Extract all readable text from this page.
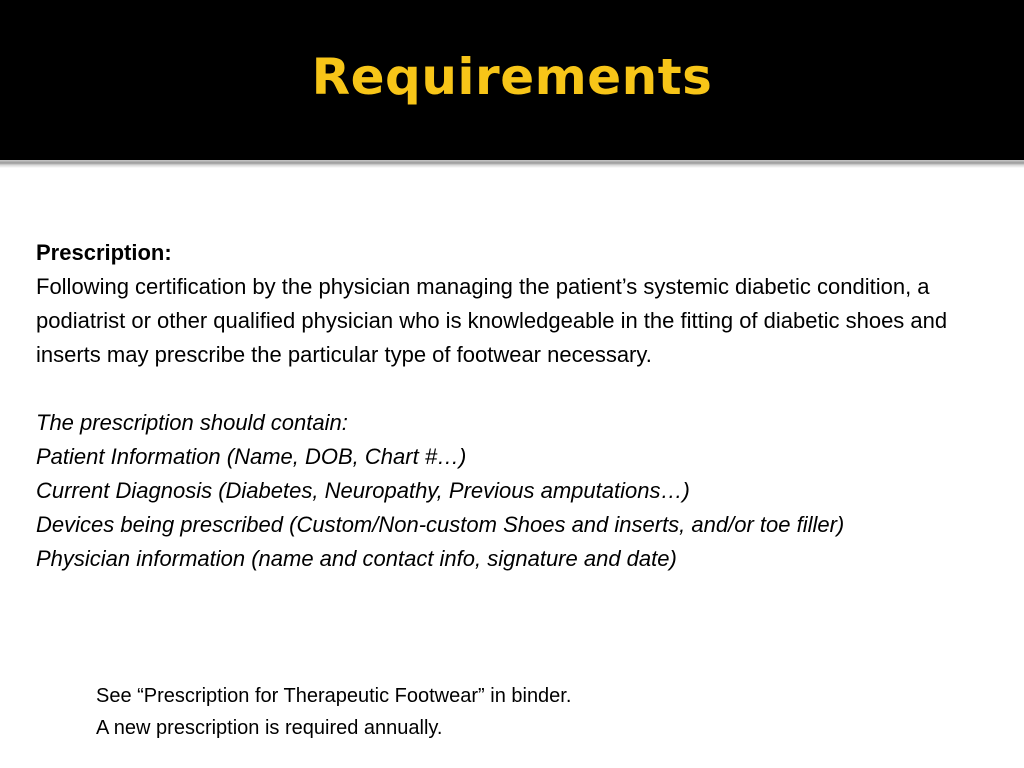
Requirements
Prescription:
Following certification by the physician managing the patient’s systemic diabetic condition, a podiatrist or other qualified physician who is knowledgeable in the fitting of diabetic shoes and inserts may prescribe the particular type of footwear necessary.
The prescription should contain:
Patient Information (Name, DOB, Chart #…)
Current Diagnosis (Diabetes, Neuropathy, Previous amputations…)
Devices being prescribed (Custom/Non-custom Shoes and inserts, and/or toe filler)
Physician information (name and contact info, signature and date)
See “Prescription for Therapeutic Footwear” in binder.
A new prescription is required annually.
